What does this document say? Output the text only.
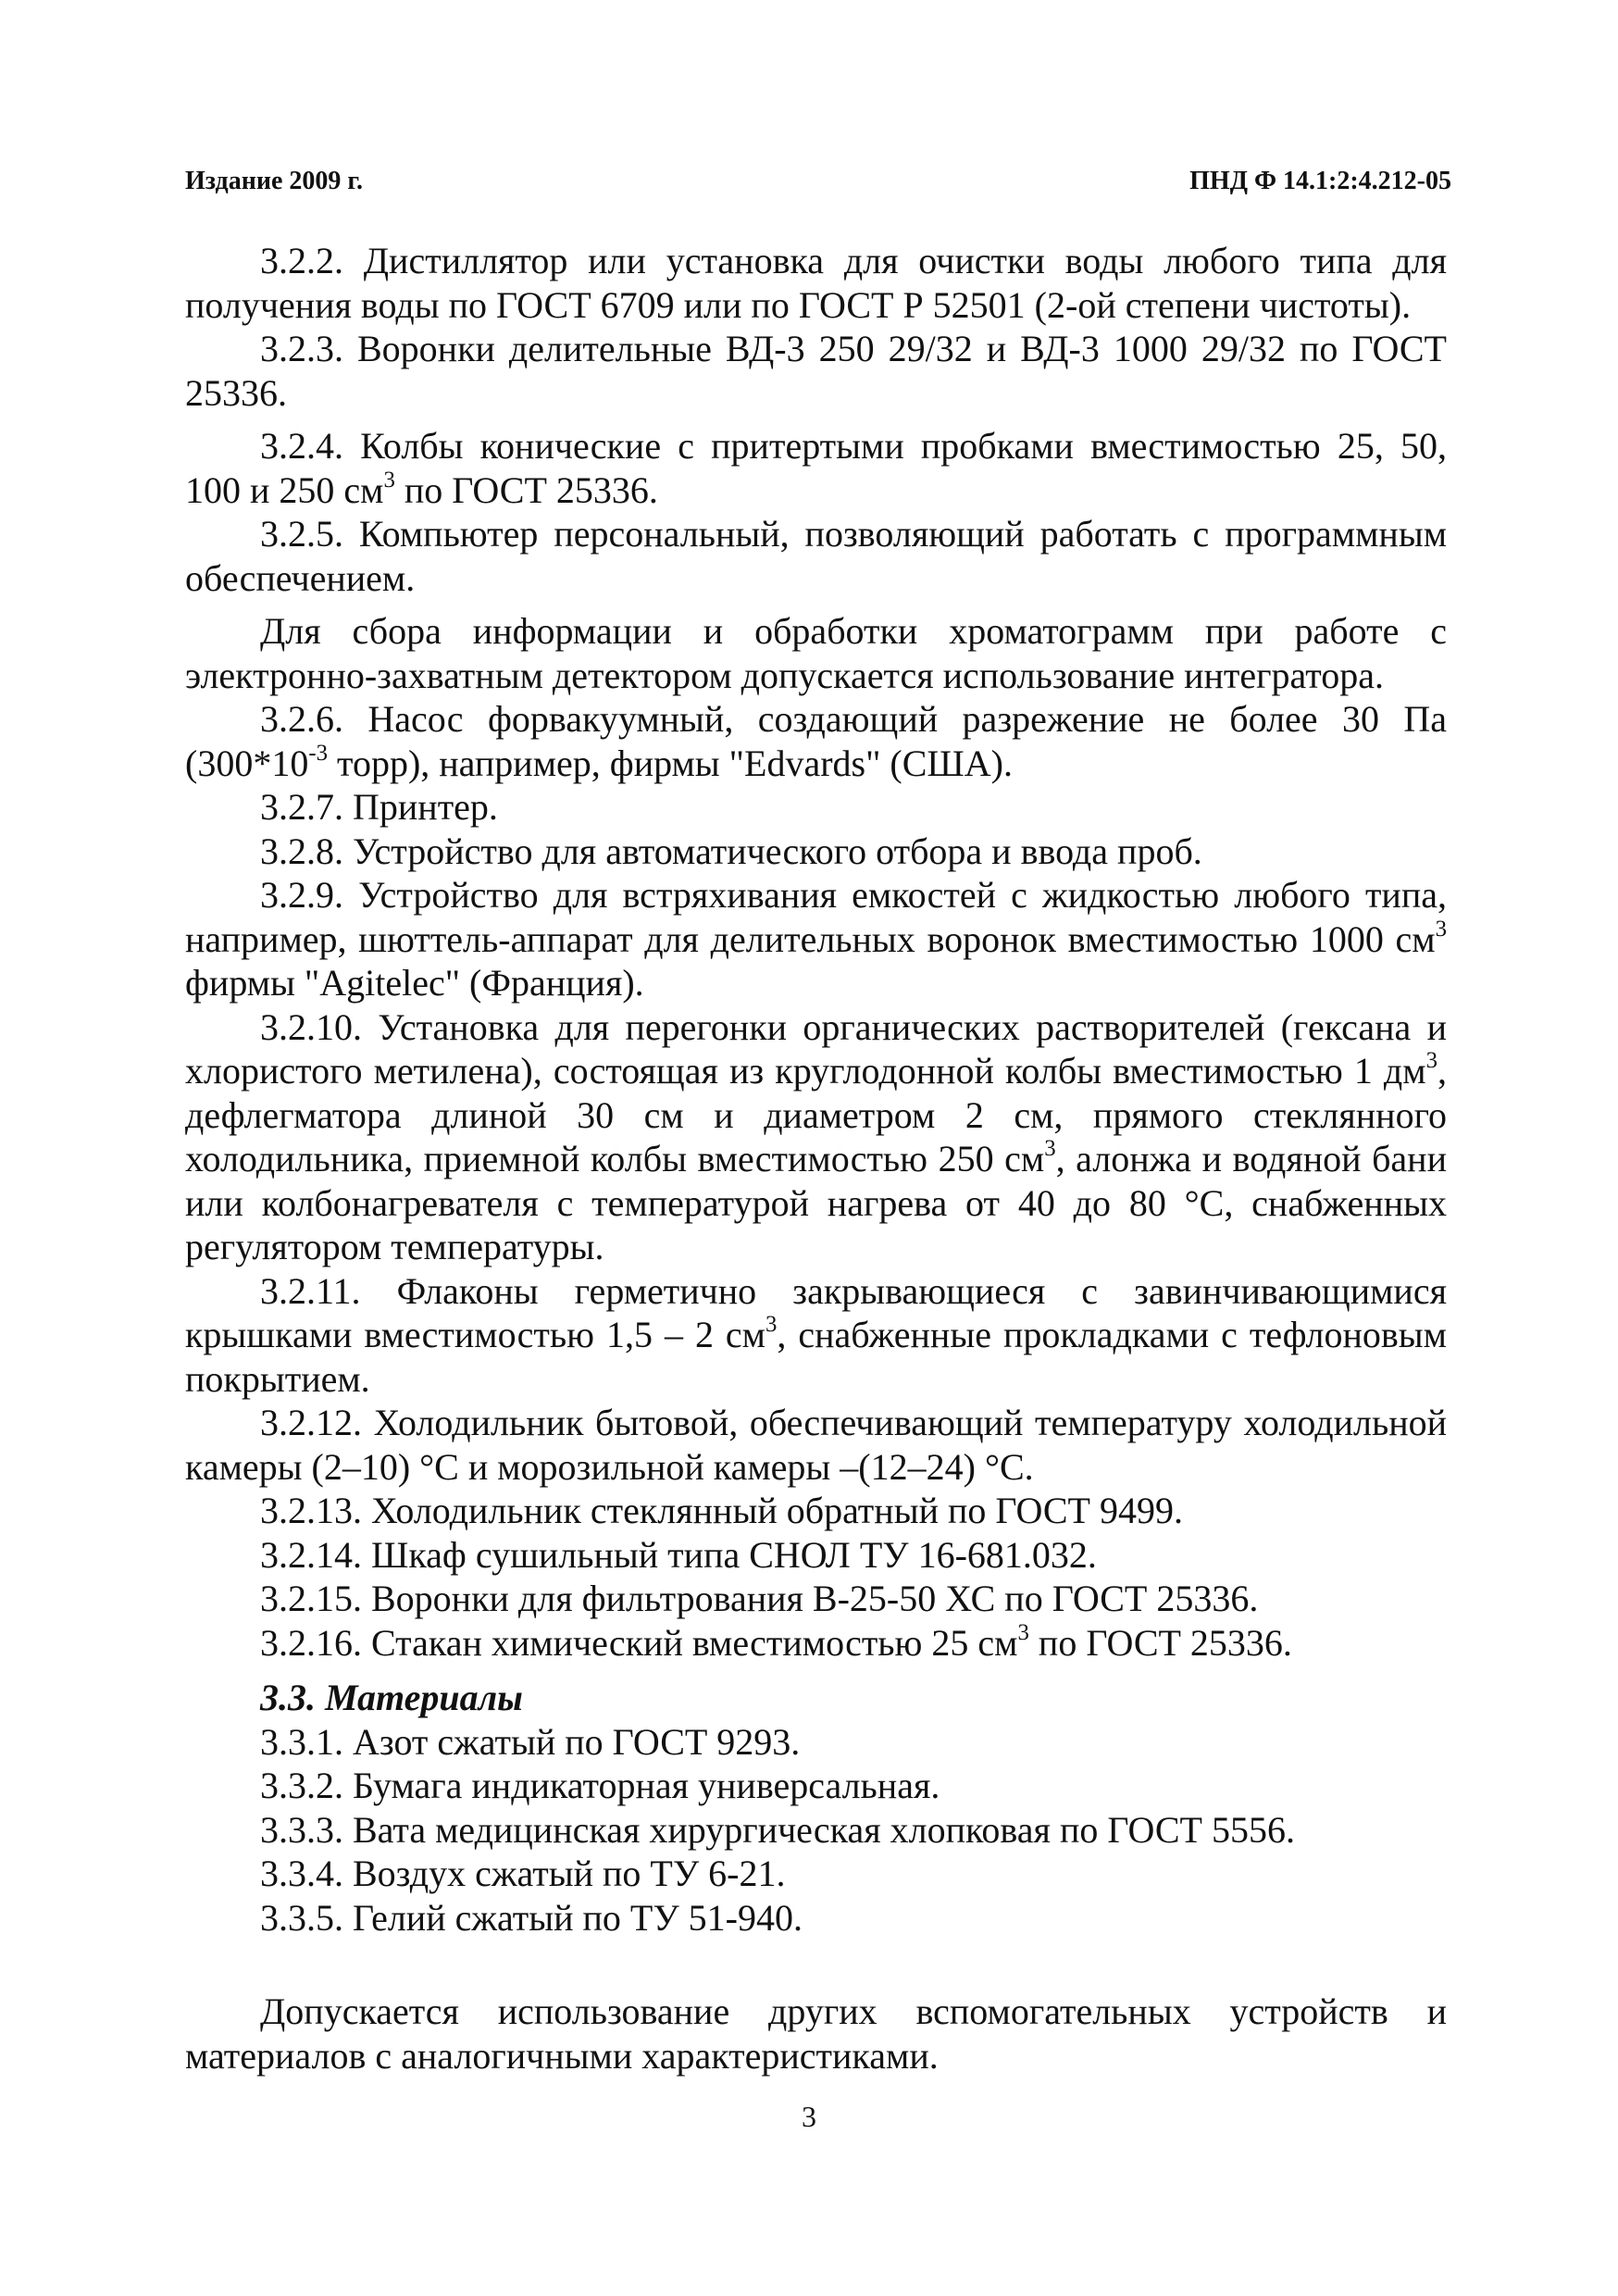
Издание 2009 г.	ПНД Ф 14.1:2:4.212-05

3.2.2. Дистиллятор или установка для очистки воды любого типа для получения воды по ГОСТ 6709 или по ГОСТ Р 52501 (2-ой степени чистоты).

3.2.3. Воронки делительные ВД-3 250 29/32 и ВД-3 1000 29/32 по ГОСТ 25336.

3.2.4. Колбы конические с притертыми пробками вместимостью 25, 50, 100 и 250 $см^3$ по ГОСТ 25336.

3.2.5. Компьютер персональный, позволяющий работать с программным обеспечением.

Для сбора информации и обработки хроматограмм при работе с электронно-захватным детектором допускается использование интегратора.

3.2.6. Насос форвакуумный, создающий разрежение не более 30 Па ($300*10^{-3}$ торр), например, фирмы "Edvards" (США).

3.2.7. Принтер.

3.2.8. Устройство для автоматического отбора и ввода проб.

3.2.9. Устройство для встряхивания емкостей с жидкостью любого типа, например, шюттель-аппарат для делительных воронок вместимостью 1000 $см^3$ фирмы "Agitelec" (Франция).

3.2.10. Установка для перегонки органических растворителей (гексана и хлористого метилена), состоящая из круглодонной колбы вместимостью 1 $дм^3$, дефлегматора длиной 30 см и диаметром 2 см, прямого стеклянного холодильника, приемной колбы вместимостью 250 $см^3$, алонжа и водяной бани или колбонагревателя с температурой нагрева от 40 до 80 °С, снабженных регулятором температуры.

3.2.11. Флаконы герметично закрывающиеся с завинчивающимися крышками вместимостью 1,5 – 2 $см^3$, снабженные прокладками с тефлоновым покрытием.

3.2.12. Холодильник бытовой, обеспечивающий температуру холодильной камеры (2–10) °С и морозильной камеры –(12–24) °С.

3.2.13. Холодильник стеклянный обратный по ГОСТ 9499.

3.2.14. Шкаф сушильный типа СНОЛ ТУ 16-681.032.

3.2.15. Воронки для фильтрования В-25-50 ХС по ГОСТ 25336.

3.2.16. Стакан химический вместимостью 25 $см^3$ по ГОСТ 25336.

3.3. Материалы

3.3.1. Азот сжатый по ГОСТ 9293.

3.3.2. Бумага индикаторная универсальная.

3.3.3. Вата медицинская хирургическая хлопковая по ГОСТ 5556.

3.3.4. Воздух сжатый по ТУ 6-21.

3.3.5. Гелий сжатый по ТУ 51-940.

Допускается использование других вспомогательных устройств и материалов с аналогичными характеристиками.

3
